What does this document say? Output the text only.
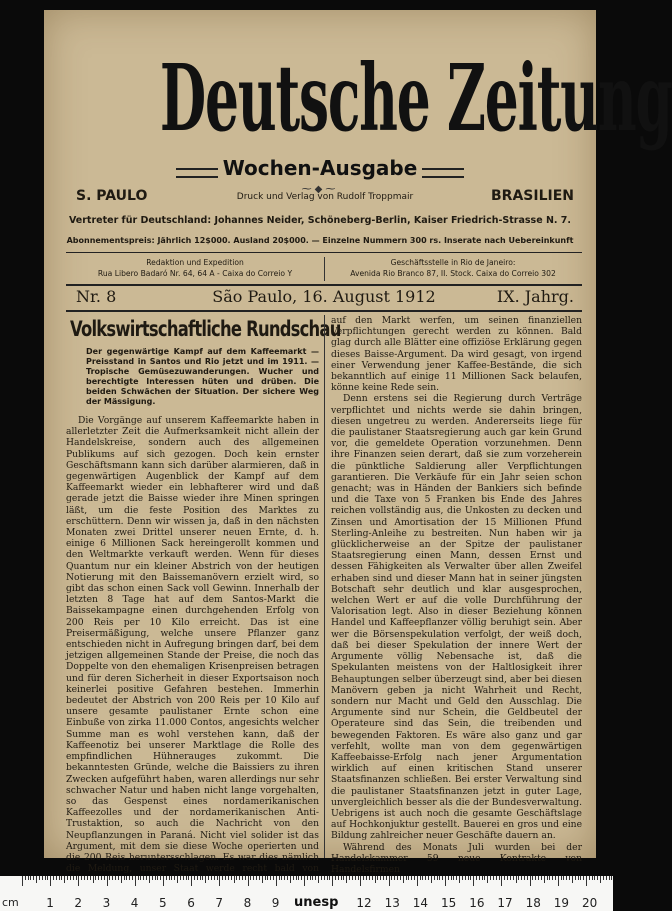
Deutsche Zeitung
Wochen-Ausgabe
⁓◆⁓
S. PAULO	Druck und Verlag von Rudolf Troppmair	BRASILIEN
Vertreter für Deutschland: Johannes Neider, Schöneberg-Berlin, Kaiser Friedrich-Strasse N. 7.
Abonnementspreis: Jährlich 12$000. Ausland 20$000. — Einzelne Nummern 300 rs. Inserate nach Uebereinkunft
Redaktion und Expedition
Rua Libero Badaró Nr. 64, 64 A - Caixa do Correio Y
Geschäftsstelle in Rio de Janeiro:
Avenida Rio Branco 87, II. Stock. Caixa do Correio 302
Nr. 8	São Paulo, 16. August 1912	IX. Jahrg.
Volkswirtschaftliche Rundschau

Der gegenwärtige Kampf auf dem Kaffeemarkt — Preisstand in Santos und Rio jetzt und im 1911. — Tropische Gemüsezuwanderungen. Wucher und berechtigte Interessen hüten und drüben. Die beiden Schwächen der Situation. Der sichere Weg der Mässigung.

Die Vorgänge auf unserem Kaffeemarkte haben in allerletzter Zeit die Aufmerksamkeit nicht allein der Handelskreise, sondern auch des allgemeinen Publikums auf sich gezogen. Doch kein ernster Geschäftsmann kann sich darüber alarmieren, daß in gegenwärtigen Augenblick der Kampf auf dem Kaffeemarkt wieder ein lebhafterer wird und daß gerade jetzt die Baisse wieder ihre Minen springen läßt, um die feste Position des Marktes zu erschüttern. Denn wir wissen ja, daß in den nächsten Monaten zwei Drittel unserer neuen Ernte, d. h. einige 6 Millionen Sack hereingerollt kommen und den Weltmarkte verkauft werden. Wenn für dieses Quantum nur ein kleiner Abstrich von der heutigen Notierung mit den Baissemanövern erzielt wird, so gibt das schon einen Sack voll Gewinn. Innerhalb der letzten 8 Tage hat auf dem Santos-Markt die Baissekampagne einen durchgehenden Erfolg von 200 Reis per 10 Kilo erreicht. Das ist eine Preisermäßigung, welche unsere Pflanzer ganz entschieden nicht in Aufregung bringen darf, bei dem jetzigen allgemeinen Stande der Preise, die noch das Doppelte von den ehemaligen Krisenpreisen betragen und für deren Sicherheit in dieser Exportsaison noch keinerlei positive Gefahren bestehen. Immerhin bedeutet der Abstrich von 200 Reis per 10 Kilo auf unsere gesamte paulistaner Ernte schon eine Einbuße von zirka 11.000 Contos, angesichts welcher Summe man es wohl verstehen kann, daß der Kaffeenotiz bei unserer Marktlage die Rolle des empfindlichen Hühnerauges zukommt. Die bekanntesten Gründe, welche die Baissiers zu ihren Zwecken aufgeführt haben, waren allerdings nur sehr schwacher Natur und haben nicht lange vorgehalten, so das Gespenst eines nordamerikanischen Kaffeezolles und der nordamerikanischen Anti-Trustaktion, so auch die Nachricht von den Neupflanzungen in Paraná. Nicht viel solider ist das Argument, mit dem sie diese Woche operierten und die 200 Reis heruntersschlagen. Es war dies nämlich die Meldung, unser Staat werde recht bald von

auf den Markt werfen, um seinen finanziellen Verpflichtungen gerecht werden zu können. Bald glag durch alle Blätter eine offiziöse Erklärung gegen dieses Baisse-Argument. Da wird gesagt, von irgend einer Verwendung jener Kaffee-Bestände, die sich bekanntlich auf einige 11 Millionen Sack belaufen, könne keine Rede sein.

Denn erstens sei die Regierung durch Verträge verpflichtet und nichts werde sie dahin bringen, diesen ungetreu zu werden. Andererseits liege für die paulistaner Staatsregierung auch gar kein Grund vor, die gemeldete Operation vorzunehmen. Denn ihre Finanzen seien derart, daß sie zum vorzeherein die pünktliche Saldierung aller Verpflichtungen garantieren. Die Verkäufe für ein Jahr seien schon genacht; was in Händen der Bankiers sich befinde und die Taxe von 5 Franken bis Ende des Jahres reichen vollständig aus, die Unkosten zu decken und Zinsen und Amortisation der 15 Millionen Pfund Sterling-Anleihe zu bestreiten. Nun haben wir ja glücklicherweise an der Spitze der paulistaner Staatsregierung einen Mann, dessen Ernst und dessen Fähigkeiten als Verwalter über allen Zweifel erhaben sind und dieser Mann hat in seiner jüngsten Botschaft sehr deutlich und klar ausgesprochen, welchen Wert er auf die volle Durchführung der Valorisation legt. Also in dieser Beziehung können Handel und Kaffeepflanzer völlig beruhigt sein. Aber wer die Börsenspekulation verfolgt, der weiß doch, daß bei dieser Spekulation der innere Wert der Argumente völlig Nebensache ist, daß die Spekulanten meistens von der Haltlosigkeit ihrer Behauptungen selber überzeugt sind, aber bei diesen Manövern geben ja nicht Wahrheit und Recht, sondern nur Macht und Geld den Ausschlag. Die Argumente sind nur Schein, die Geldbeutel der Operateure sind das Sein, die treibenden und bewegenden Faktoren. Es wäre also ganz und gar verfehlt, wollte man von dem gegenwärtigen Kaffeebaisse-Erfolg nach jener Argumentation wirklich auf einen kritischen Stand unserer Staatsfinanzen schließen. Bei erster Verwaltung sind die paulistaner Staatsfinanzen jetzt in guter Lage, unvergleichlich besser als die der Bundesverwaltung. Uebrigens ist auch noch die gesamte Geschäftslage auf Hochkonjuktur gestellt. Bauerei en gros und eine Bildung zahlreicher neuer Geschäfte dauern an.

Während des Monats Juli wurden bei der Handelskammer 59 neue Kontrakte von Handelsfirmen

cm 1 2 3 4 5 6 7 8 9	12 13 14 15 16 17 18 19 20
unesp
